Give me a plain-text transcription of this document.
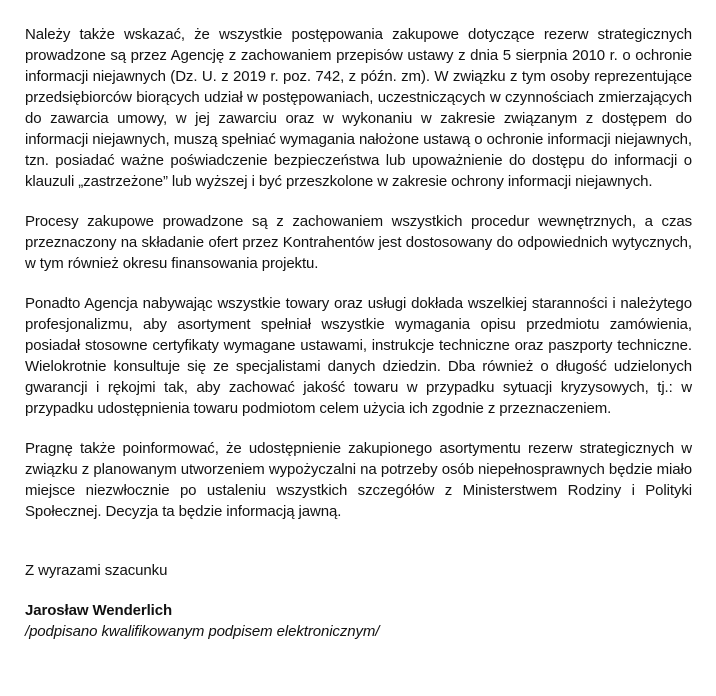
Należy także wskazać, że wszystkie postępowania zakupowe dotyczące rezerw strategicznych prowadzone są przez Agencję z zachowaniem przepisów ustawy z dnia 5 sierpnia 2010 r. o ochronie informacji niejawnych (Dz. U. z 2019 r. poz. 742, z późn. zm). W związku z tym osoby reprezentujące przedsiębiorców biorących udział w postępowaniach, uczestniczących w czynnościach zmierzających do zawarcia umowy, w jej zawarciu oraz w wykonaniu w zakresie związanym z dostępem do informacji niejawnych, muszą spełniać wymagania nałożone ustawą o ochronie informacji niejawnych, tzn. posiadać ważne poświadczenie bezpieczeństwa lub upoważnienie do dostępu do informacji o klauzuli „zastrzeżone” lub wyższej i być przeszkolone w zakresie ochrony informacji niejawnych.

Procesy zakupowe prowadzone są z zachowaniem wszystkich procedur wewnętrznych, a czas przeznaczony na składanie ofert przez Kontrahentów jest dostosowany do odpowiednich wytycznych, w tym również okresu finansowania projektu.

Ponadto Agencja nabywając wszystkie towary oraz usługi dokłada wszelkiej staranności i należytego profesjonalizmu, aby asortyment spełniał wszystkie wymagania opisu przedmiotu zamówienia, posiadał stosowne certyfikaty wymagane ustawami, instrukcje techniczne oraz paszporty techniczne. Wielokrotnie konsultuje się ze specjalistami danych dziedzin. Dba również o długość udzielonych gwarancji i rękojmi tak, aby zachować jakość towaru w przypadku sytuacji kryzysowych, tj.: w przypadku udostępnienia towaru podmiotom celem użycia ich zgodnie z przeznaczeniem.

Pragnę także poinformować, że udostępnienie zakupionego asortymentu rezerw strategicznych w związku z planowanym utworzeniem wypożyczalni na potrzeby osób niepełnosprawnych będzie miało miejsce niezwłocznie po ustaleniu wszystkich szczegółów z Ministerstwem Rodziny i Polityki Społecznej. Decyzja ta będzie informacją jawną.

Z wyrazami szacunku

Jarosław Wenderlich

/podpisano kwalifikowanym podpisem elektronicznym/
